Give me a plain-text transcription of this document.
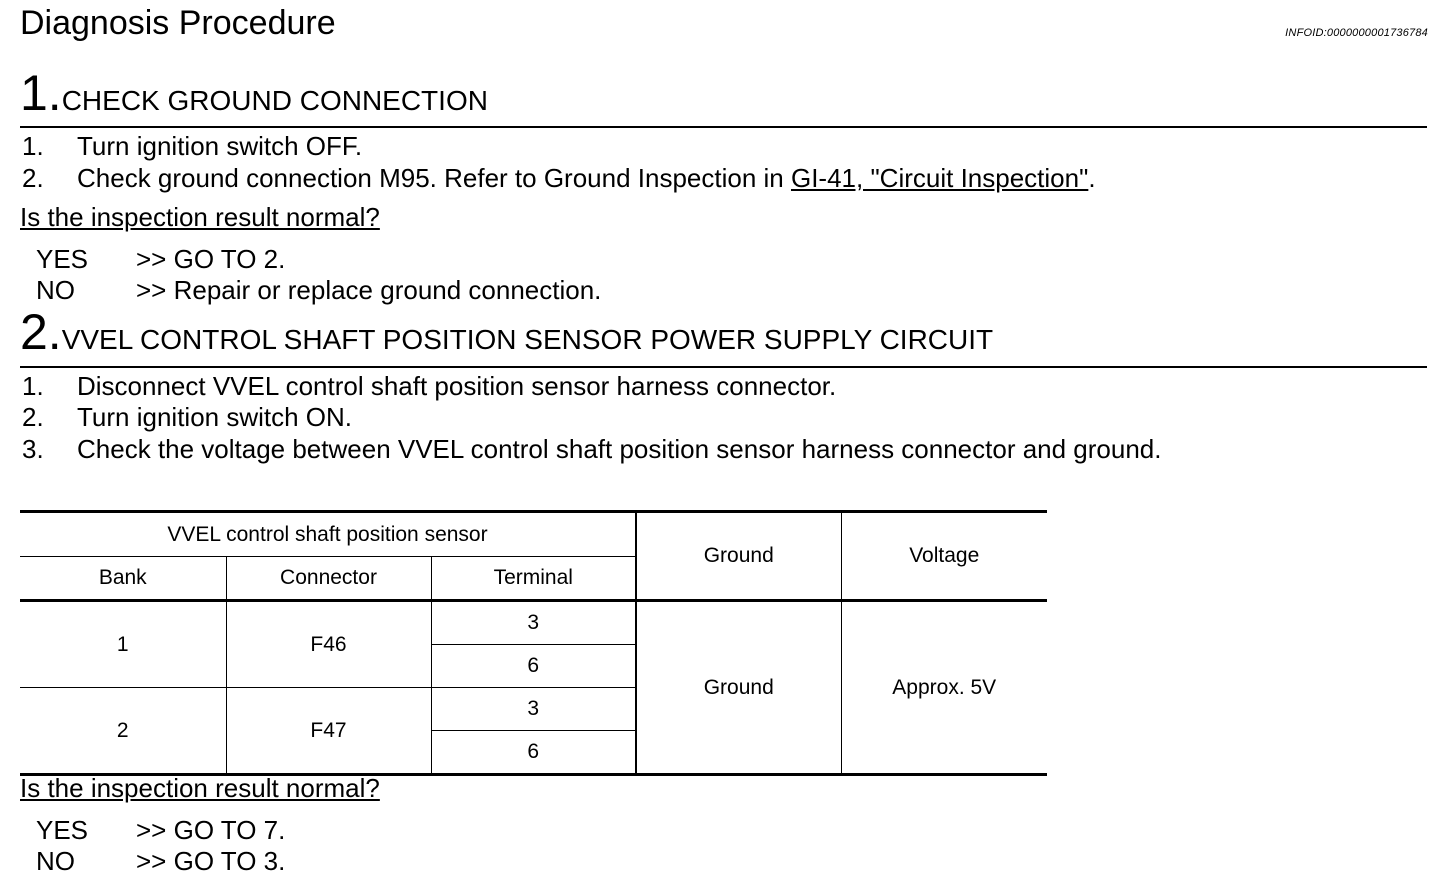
Diagnosis Procedure	INFOID:0000000001736784
1.CHECK GROUND CONNECTION
1. Turn ignition switch OFF.
2. Check ground connection M95. Refer to Ground Inspection in GI-41, "Circuit Inspection".
Is the inspection result normal?
YES >> GO TO 2.
NO >> Repair or replace ground connection.
2.VVEL CONTROL SHAFT POSITION SENSOR POWER SUPPLY CIRCUIT
1. Disconnect VVEL control shaft position sensor harness connector.
2. Turn ignition switch ON.
3. Check the voltage between VVEL control shaft position sensor harness connector and ground.
VVEL control shaft position sensor			Ground	Voltage
Bank	Connector	Terminal		
1	F46	3	Ground	Approx. 5V
		6		
2	F47	3		
		6		
Is the inspection result normal?
YES >> GO TO 7.
NO >> GO TO 3.
